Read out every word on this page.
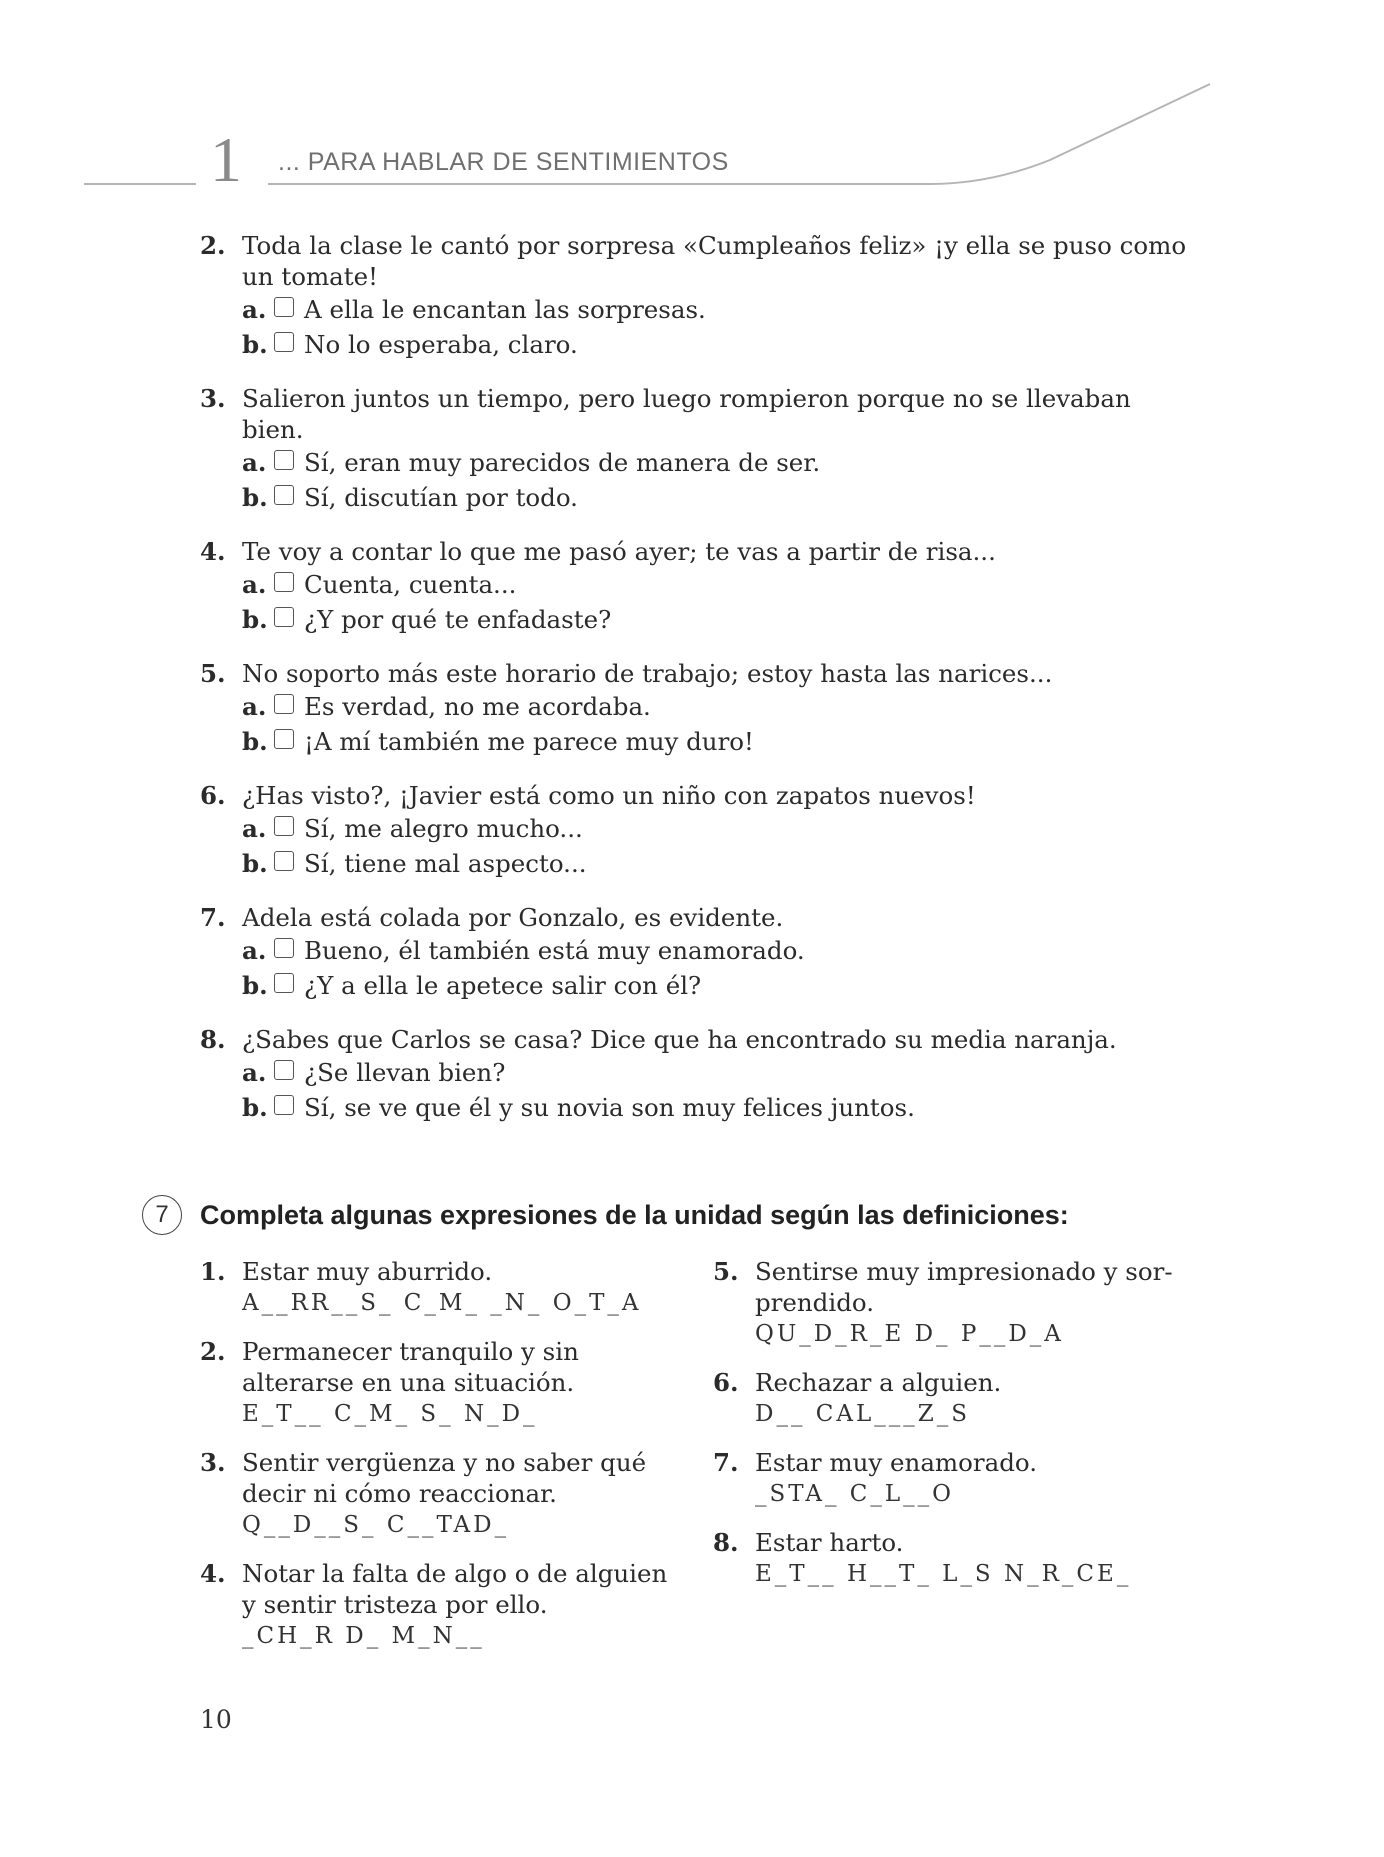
1 ... PARA HABLAR DE SENTIMIENTOS
2. Toda la clase le cantó por sorpresa «Cumpleaños feliz» ¡y ella se puso como un tomate!
a. A ella le encantan las sorpresas.
b. No lo esperaba, claro.
3. Salieron juntos un tiempo, pero luego rompieron porque no se llevaban bien.
a. Sí, eran muy parecidos de manera de ser.
b. Sí, discutían por todo.
4. Te voy a contar lo que me pasó ayer; te vas a partir de risa...
a. Cuenta, cuenta...
b. ¿Y por qué te enfadaste?
5. No soporto más este horario de trabajo; estoy hasta las narices...
a. Es verdad, no me acordaba.
b. ¡A mí también me parece muy duro!
6. ¿Has visto?, ¡Javier está como un niño con zapatos nuevos!
a. Sí, me alegro mucho...
b. Sí, tiene mal aspecto...
7. Adela está colada por Gonzalo, es evidente.
a. Bueno, él también está muy enamorado.
b. ¿Y a ella le apetece salir con él?
8. ¿Sabes que Carlos se casa? Dice que ha encontrado su media naranja.
a. ¿Se llevan bien?
b. Sí, se ve que él y su novia son muy felices juntos.
7	Completa algunas expresiones de la unidad según las definiciones:
1. Estar muy aburrido.
A__RR__S_ C_M_ _N_ O_T_A
2. Permanecer tranquilo y sin alterarse en una situación.
E_T__ C_M_ S_ N_D_
3. Sentir vergüenza y no saber qué decir ni cómo reaccionar.
Q__D__S_ C__TAD_
4. Notar la falta de algo o de alguien y sentir tristeza por ello.
_CH_R D_ M_N__
5. Sentirse muy impresionado y sor-prendido.
QU_D_R_E D_ P__D_A
6. Rechazar a alguien.
D__ CAL___Z_S
7. Estar muy enamorado.
_STA_ C_L__O
8. Estar harto.
E_T__ H__T_ L_S N_R_CE_
10
